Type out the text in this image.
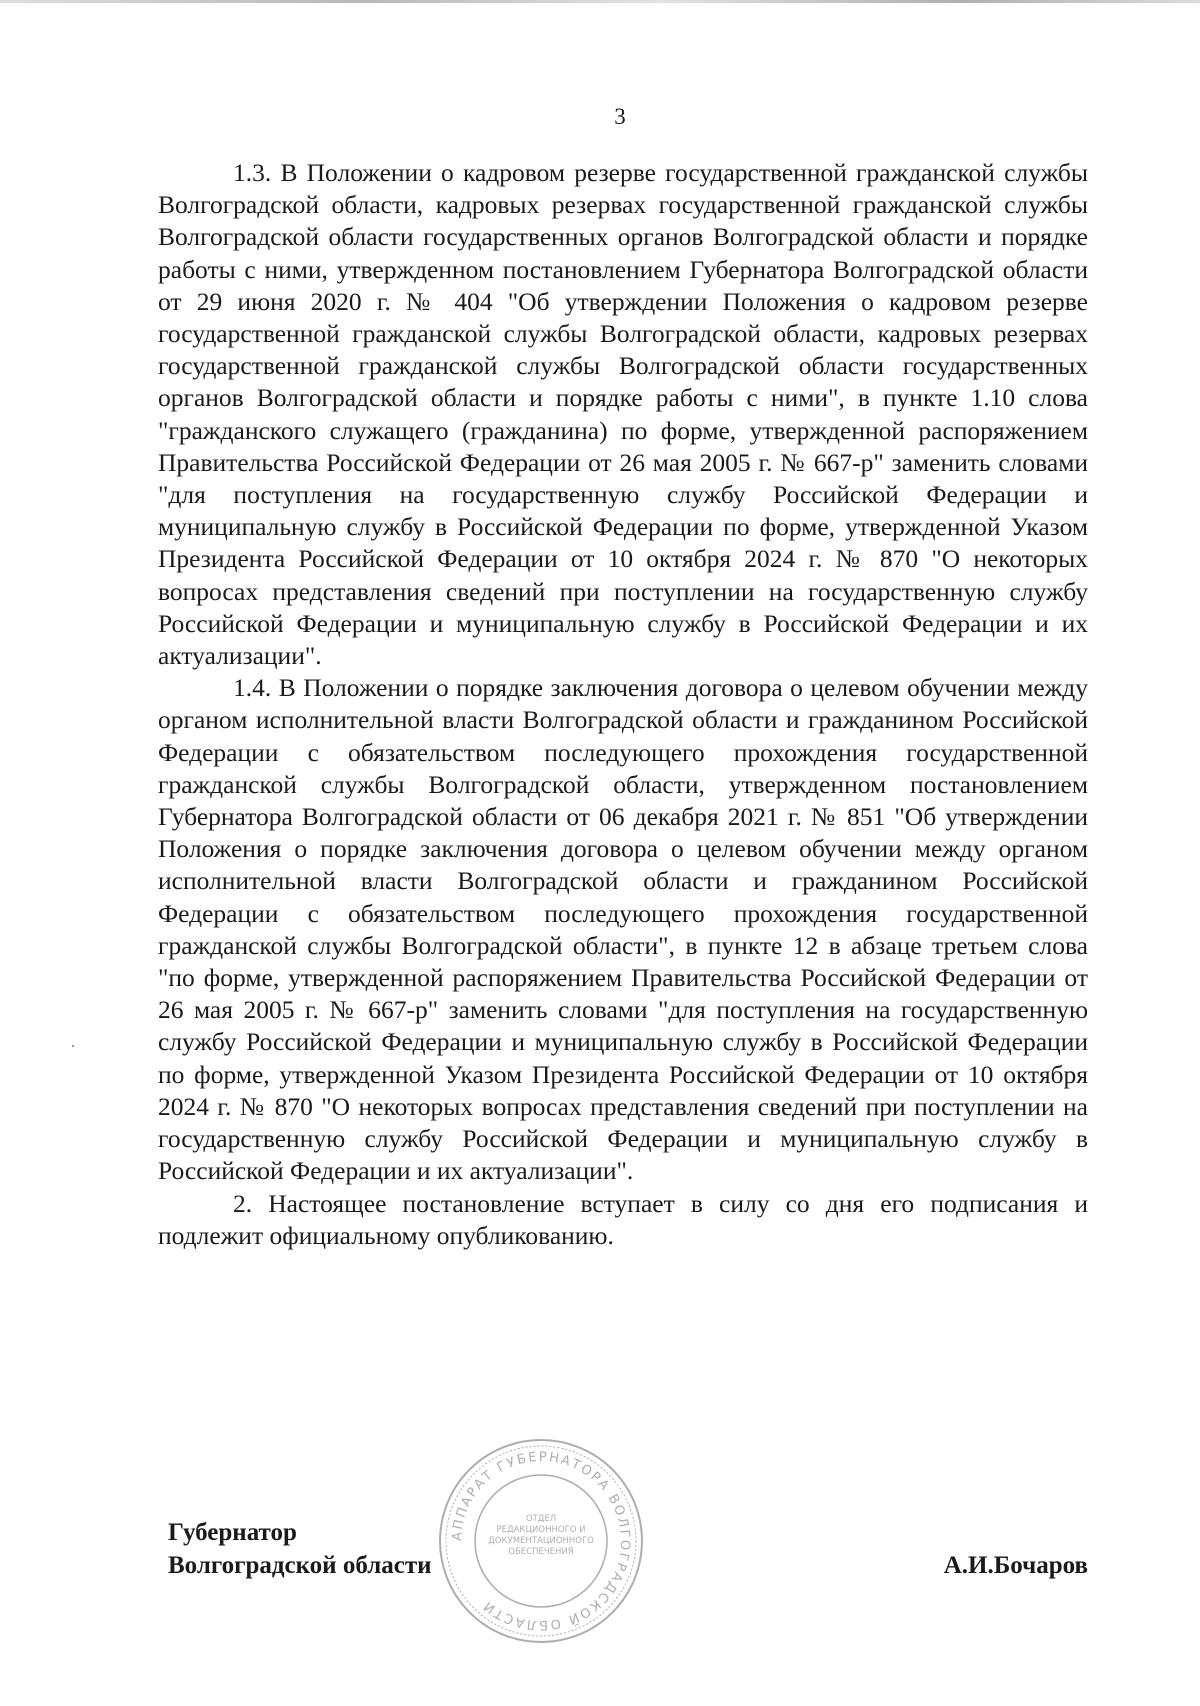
3

1.3. В Положении о кадровом резерве государственной гражданской службы Волгоградской области, кадровых резервах государственной гражданской службы Волгоградской области государственных органов Волгоградской области и порядке работы с ними, утвержденном постановлением Губернатора Волгоградской области от 29 июня 2020 г. № 404 "Об утверждении Положения о кадровом резерве государственной гражданской службы Волгоградской области, кадровых резервах государственной гражданской службы Волгоградской области государственных органов Волгоградской области и порядке работы с ними", в пункте 1.10 слова "гражданского служащего (гражданина) по форме, утвержденной распоряжением Правительства Российской Федерации от 26 мая 2005 г. № 667-р" заменить словами "для поступления на государственную службу Российской Федерации и муниципальную службу в Российской Федерации по форме, утвержденной Указом Президента Российской Федерации от 10 октября 2024 г. № 870 "О некоторых вопросах представления сведений при поступлении на государственную службу Российской Федерации и муниципальную службу в Российской Федерации и их актуализации".

1.4. В Положении о порядке заключения договора о целевом обучении между органом исполнительной власти Волгоградской области и гражданином Российской Федерации с обязательством последующего прохождения государственной гражданской службы Волгоградской области, утвержденном постановлением Губернатора Волгоградской области от 06 декабря 2021 г. № 851 "Об утверждении Положения о порядке заключения договора о целевом обучении между органом исполнительной власти Волгоградской области и гражданином Российской Федерации с обязательством последующего прохождения государственной гражданской службы Волгоградской области", в пункте 12 в абзаце третьем слова "по форме, утвержденной распоряжением Правительства Российской Федерации от 26 мая 2005 г. № 667-р" заменить словами "для поступления на государственную службу Российской Федерации и муниципальную службу в Российской Федерации по форме, утвержденной Указом Президента Российской Федерации от 10 октября 2024 г. № 870 "О некоторых вопросах представления сведений при поступлении на государственную службу Российской Федерации и муниципальную службу в Российской Федерации и их актуализации".

2. Настоящее постановление вступает в силу со дня его подписания и подлежит официальному опубликованию.

АППАРАТ ГУБЕРНАТОРА ВОЛГОГРАДСКОЙ ОБЛАСТИ
ОТДЕЛ РЕДАКЦИОННОГО И ДОКУМЕНТАЦИОННОГО ОБЕСПЕЧЕНИЯ
Губернатор
Волгоградской области	А.И.Бочаров
